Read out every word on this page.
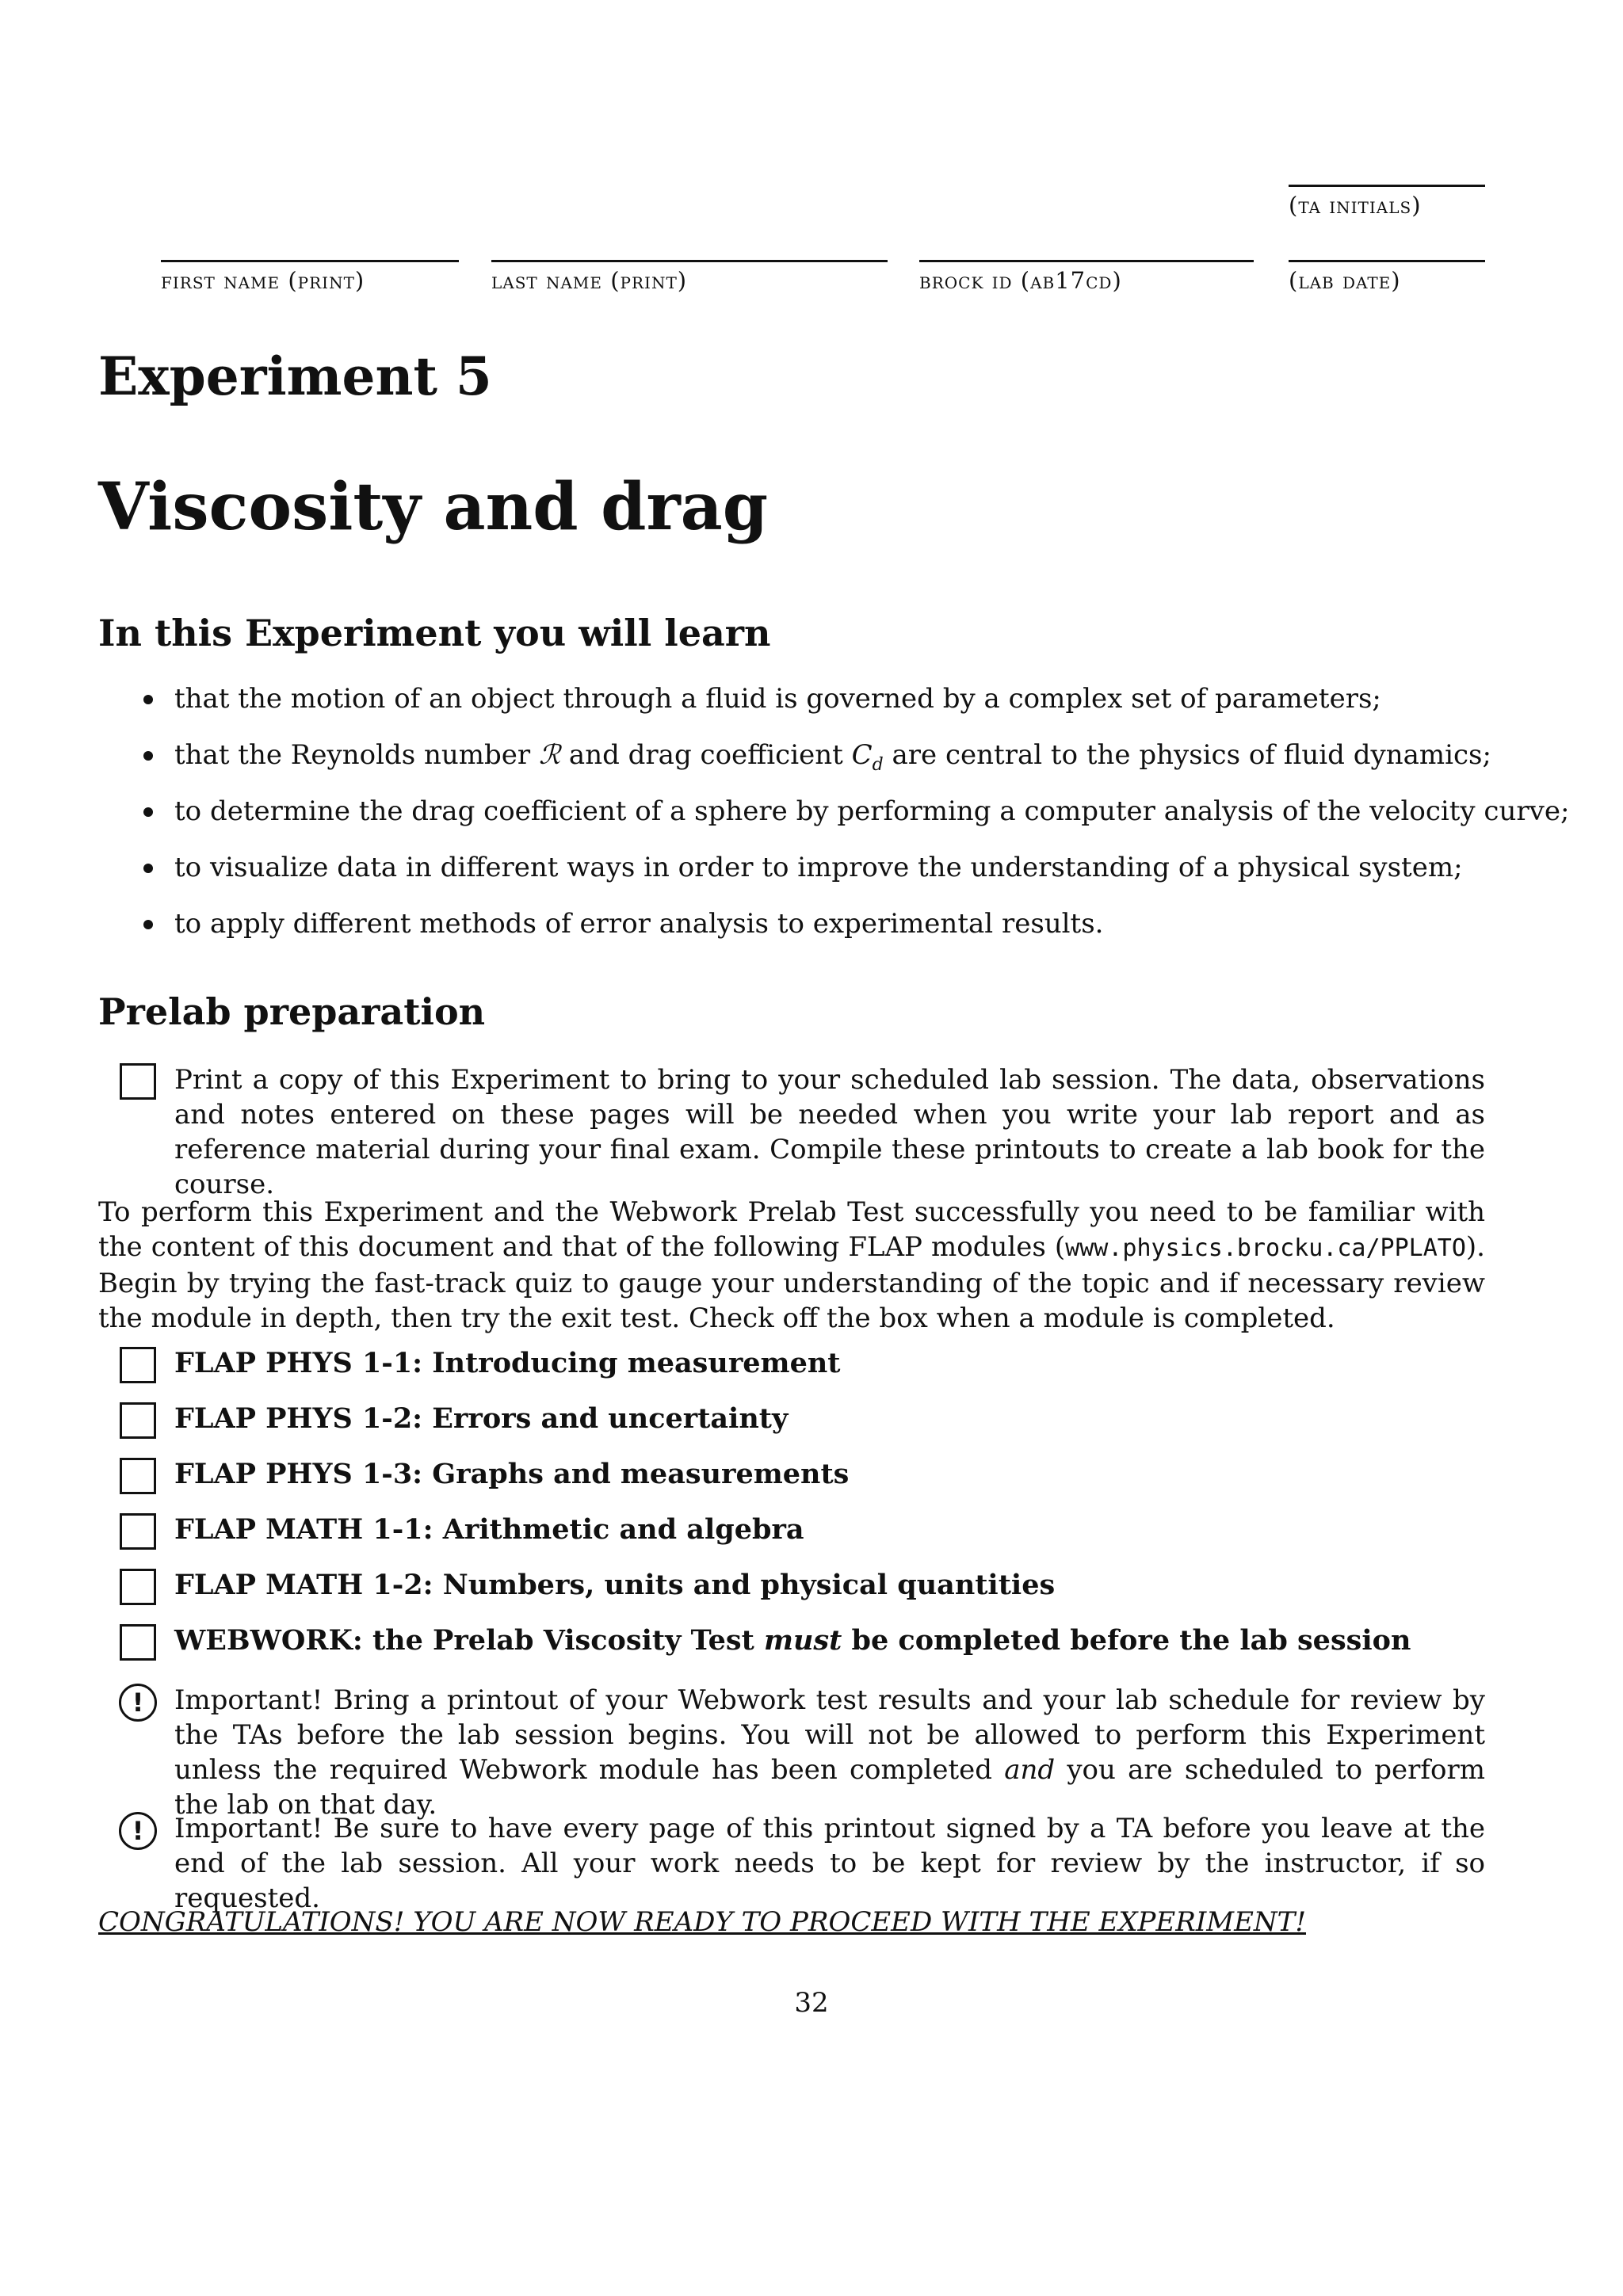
(ta initials)
first name (print)	last name (print)	brock id (ab17cd)	(lab date)
Experiment 5
Viscosity and drag
In this Experiment you will learn
that the motion of an object through a fluid is governed by a complex set of parameters;
that the Reynolds number ℛ and drag coefficient $C_d$ are central to the physics of fluid dynamics;
to determine the drag coefficient of a sphere by performing a computer analysis of the velocity curve;
to visualize data in different ways in order to improve the understanding of a physical system;
to apply different methods of error analysis to experimental results.
Prelab preparation
Print a copy of this Experiment to bring to your scheduled lab session. The data, observations and notes entered on these pages will be needed when you write your lab report and as reference material during your final exam. Compile these printouts to create a lab book for the course.
To perform this Experiment and the Webwork Prelab Test successfully you need to be familiar with the content of this document and that of the following FLAP modules (www.physics.brocku.ca/PPLATO). Begin by trying the fast-track quiz to gauge your understanding of the topic and if necessary review the module in depth, then try the exit test. Check off the box when a module is completed.
FLAP PHYS 1-1: Introducing measurement
FLAP PHYS 1-2: Errors and uncertainty
FLAP PHYS 1-3: Graphs and measurements
FLAP MATH 1-1: Arithmetic and algebra
FLAP MATH 1-2: Numbers, units and physical quantities
WEBWORK: the Prelab Viscosity Test must be completed before the lab session
!	Important! Bring a printout of your Webwork test results and your lab schedule for review by the TAs before the lab session begins. You will not be allowed to perform this Experiment unless the required Webwork module has been completed and you are scheduled to perform the lab on that day.
!	Important! Be sure to have every page of this printout signed by a TA before you leave at the end of the lab session. All your work needs to be kept for review by the instructor, if so requested.
CONGRATULATIONS! YOU ARE NOW READY TO PROCEED WITH THE EXPERIMENT!
32
